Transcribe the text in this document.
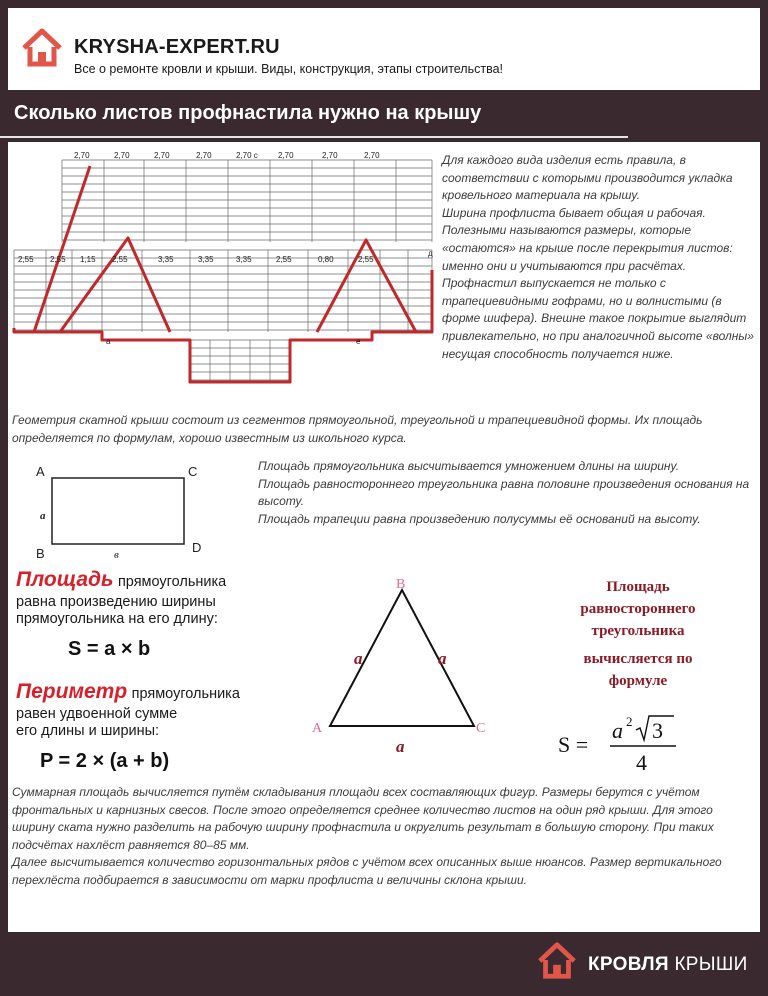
KRYSHA-EXPERT.RU
Все о ремонте кровли и крыши. Виды, конструкция, этапы строительства!
Сколько листов профнастила нужно на крышу
2,70	2,70	2,70	2,70	2,70 с	2,70	2,70	2,70
2,55 2,55 1,15 2,55	3,35	3,35	3,35	2,55	0,80	2,55
а	е
д

Для каждого вида изделия есть правила, в соответствии с которыми производится укладка кровельного материала на крышу.

Ширина профлиста бывает общая и рабочая. Полезными называются размеры, которые «остаются» на крыше после перекрытия листов: именно они и учитываются при расчётах.

Профнастил выпускается не только с трапециевидными гофрами, но и волнистыми (в форме шифера). Внешне такое покрытие выглядит привлекательно, но при аналогичной высоте «волны» несущая способность получается ниже.

Геометрия скатной крыши состоит из сегментов прямоугольной, треугольной и трапециевидной формы. Их площадь определяется по формулам, хорошо известным из школьного курса.
A	C
B	D
a
в

Площадь прямоугольника высчитывается умножением длины на ширину.

Площадь равностороннего треугольника равна половине произведения основания на высоту.

Площадь трапеции равна произведению полусуммы её оснований на высоту.

Площадь прямоугольника
равна произведению ширины
прямоугольника на его длину:
S = a × b
Периметр прямоугольника
равен удвоенной сумме
его длины и ширины:
P = 2 × (a + b)
B
A	C
a	a
a
Площадь
равностороннего
треугольника
вычисляется по
формуле
S =
a 2 3
4

Суммарная площадь вычисляется путём складывания площади всех составляющих фигур. Размеры берутся с учётом фронтальных и карнизных свесов. После этого определяется среднее количество листов на один ряд крыши. Для этого ширину ската нужно разделить на рабочую ширину профнастила и округлить результат в большую сторону. При таких подсчётах нахлёст равняется 80–85 мм.

Далее высчитывается количество горизонтальных рядов с учётом всех описанных выше нюансов. Размер вертикального перехлёста подбирается в зависимости от марки профлиста и величины склона крыши.

КРОВЛЯ КРЫШИ
